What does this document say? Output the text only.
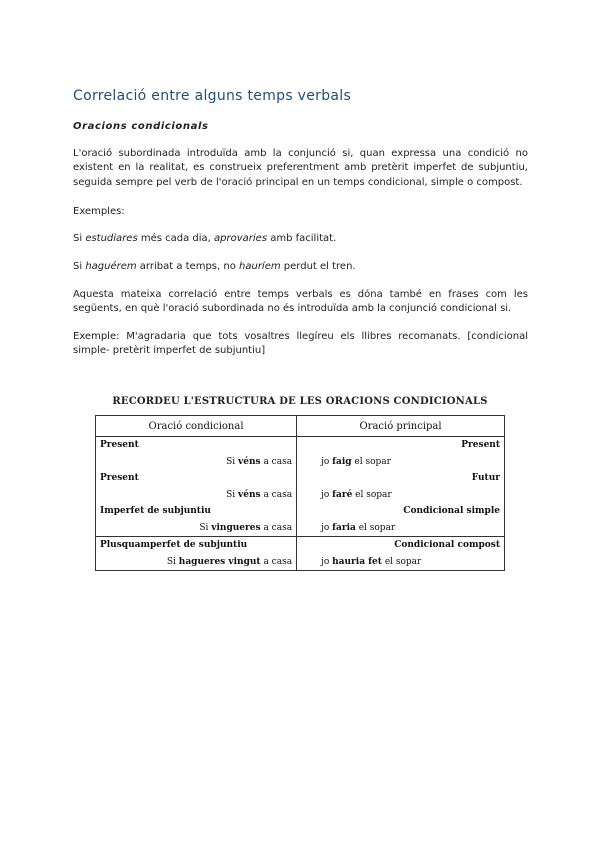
Correlació entre alguns temps verbals
Oracions condicionals

L'oració subordinada introduïda amb la conjunció si, quan expressa una condició no existent en la realitat, es construeix preferentment amb pretèrit imperfet de subjuntiu, seguida sempre pel verb de l'oració principal en un temps condicional, simple o compost.

Exemples:

Si estudiares més cada dia, aprovaries amb facilitat.

Si haguérem arribat a temps, no hauríem perdut el tren.

Aquesta mateixa correlació entre temps verbals es dóna també en frases com les següents, en què l'oració subordinada no és introduïda amb la conjunció condicional si.

Exemple: M'agradaria que tots vosaltres llegíreu els llibres recomanats. [condicional simple- pretèrit imperfet de subjuntiu]

RECORDEU L'ESTRUCTURA DE LES ORACIONS CONDICIONALS
Oració condicional	Oració principal
Present	Present
Si véns a casa	jo faig el sopar
Present	Futur
Si véns a casa	jo faré el sopar
Imperfet de subjuntiu	Condicional simple
Si vingueres a casa	jo faria el sopar
Plusquamperfet de subjuntiu	Condicional compost
Si hagueres vingut a casa	jo hauria fet el sopar
